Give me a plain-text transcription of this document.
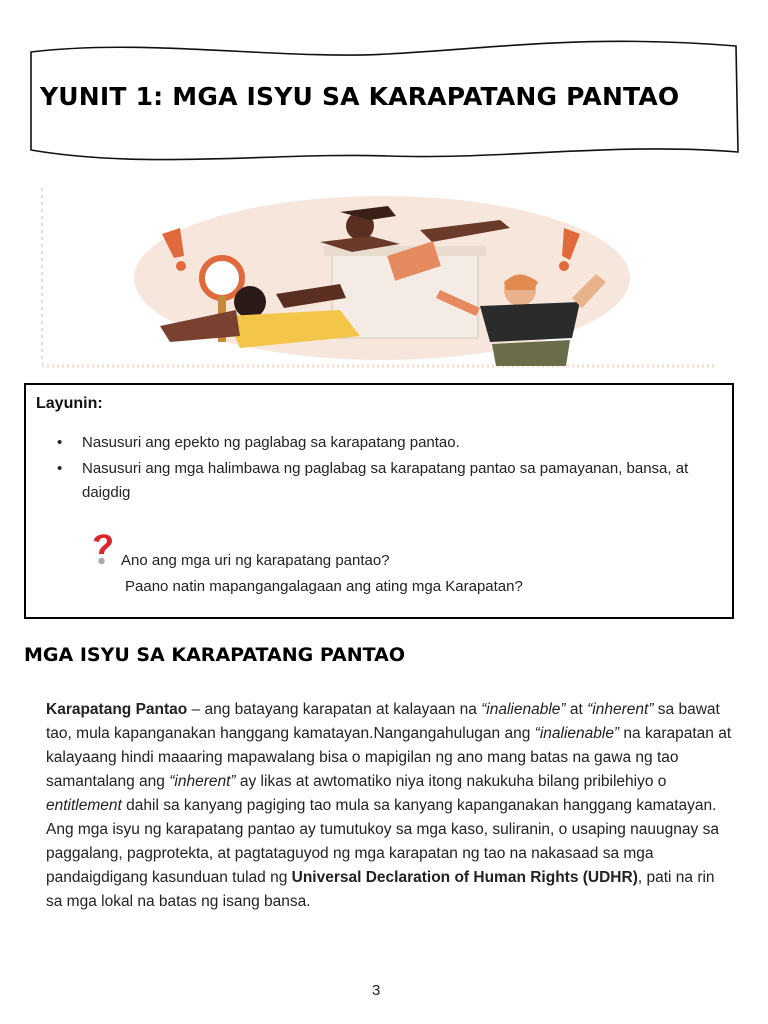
YUNIT 1: MGA ISYU SA KARAPATANG PANTAO

Layunin:

• Nasusuri ang epekto ng paglabag sa karapatang pantao.
• Nasusuri ang mga halimbawa ng paglabag sa karapatang pantao sa pamayanan, bansa, at daigdig

Ano ang mga uri ng karapatang pantao?

Paano natin mapangangalagaan ang ating mga Karapatan?

MGA ISYU SA KARAPATANG PANTAO

Karapatang Pantao – ang batayang karapatan at kalayaan na “inalienable” at “inherent” sa bawat tao, mula kapanganakan hanggang kamatayan.Nangangahulugan ang “inalienable” na karapatan at kalayaang hindi maaaring mapawalang bisa o mapigilan ng ano mang batas na gawa ng tao samantalang ang “inherent” ay likas at awtomatiko niya itong nakukuha bilang pribilehiyo o entitlement dahil sa kanyang pagiging tao mula sa kanyang kapanganakan hanggang kamatayan. Ang mga isyu ng karapatang pantao ay tumutukoy sa mga kaso, suliranin, o usaping nauugnay sa paggalang, pagprotekta, at pagtataguyod ng mga karapatan ng tao na nakasaad sa mga pandaigdigang kasunduan tulad ng Universal Declaration of Human Rights (UDHR), pati na rin sa mga lokal na batas ng isang bansa.

3
